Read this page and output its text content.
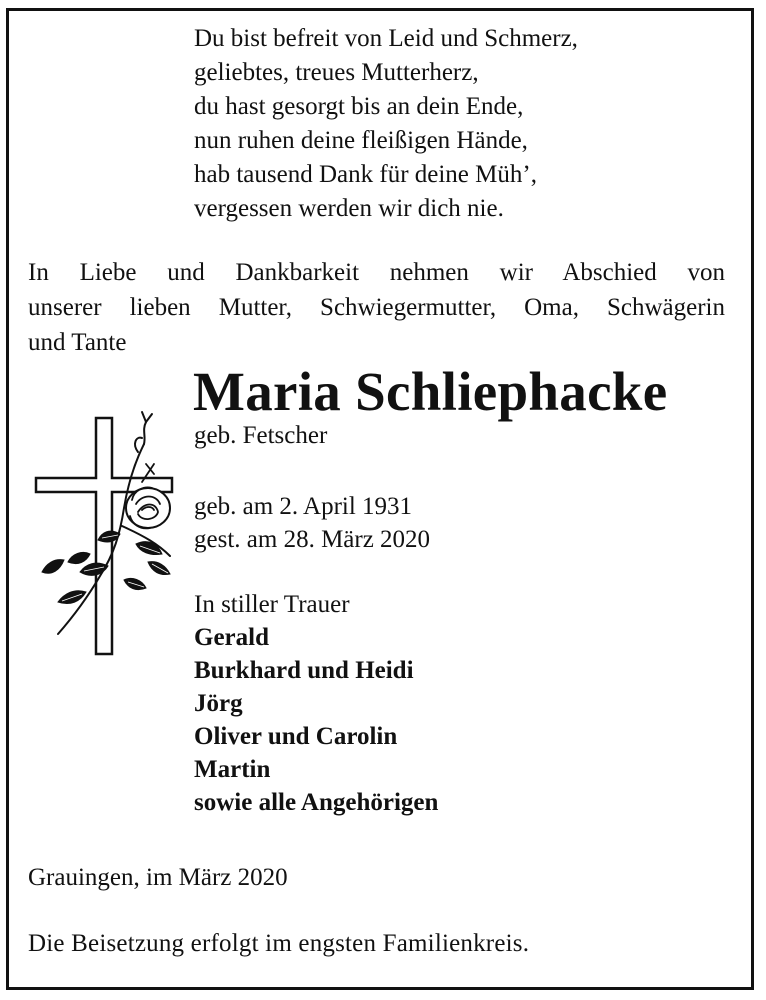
Du bist befreit von Leid und Schmerz,
geliebtes, treues Mutterherz,
du hast gesorgt bis an dein Ende,
nun ruhen deine fleißigen Hände,
hab tausend Dank für deine Müh’,
vergessen werden wir dich nie.
In Liebe und Dankbarkeit nehmen wir Abschied von
unserer lieben Mutter, Schwiegermutter, Oma, Schwägerin
und Tante
Maria Schliephacke
geb. Fetscher
geb. am 2. April 1931
gest. am 28. März 2020
In stiller Trauer
Gerald
Burkhard und Heidi
Jörg
Oliver und Carolin
Martin
sowie alle Angehörigen
Grauingen, im März 2020
Die Beisetzung erfolgt im engsten Familienkreis.
